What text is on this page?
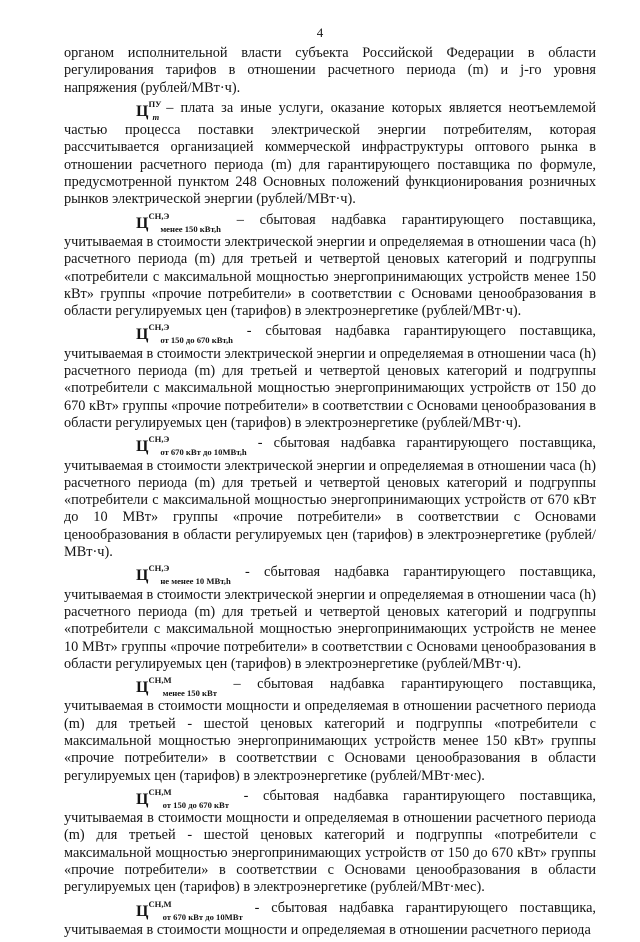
4

органом исполнительной власти субъекта Российской Федерации в области регулирования тарифов в отношении расчетного периода (m) и j-го уровня напряжения (рублей/МВт·ч).

$Ц^{ПУ}_m$ – плата за иные услуги, оказание которых является неотъемлемой частью процесса поставки электрической энергии потребителям, которая рассчитывается организацией коммерческой инфраструктуры оптового рынка в отношении расчетного периода (m) для гарантирующего поставщика по формуле, предусмотренной пунктом 248 Основных положений функционирования розничных рынков электрической энергии (рублей/МВт·ч).

$Ц^{СН,Э}_{менее 150 кВт,h}$ – сбытовая надбавка гарантирующего поставщика, учитываемая в стоимости электрической энергии и определяемая в отношении часа (h) расчетного периода (m) для третьей и четвертой ценовых категорий и подгруппы «потребители с максимальной мощностью энергопринимающих устройств менее 150 кВт» группы «прочие потребители» в соответствии с Основами ценообразования в области регулируемых цен (тарифов) в электроэнергетике (рублей/МВт·ч).

$Ц^{СН,Э}_{от 150 до 670 кВт,h}$ - сбытовая надбавка гарантирующего поставщика, учитываемая в стоимости электрической энергии и определяемая в отношении часа (h) расчетного периода (m) для третьей и четвертой ценовых категорий и подгруппы «потребители с максимальной мощностью энергопринимающих устройств от 150 до 670 кВт» группы «прочие потребители» в соответствии с Основами ценообразования в области регулируемых цен (тарифов) в электроэнергетике (рублей/МВт·ч).

$Ц^{СН,Э}_{от 670 кВт до 10МВт,h}$ - сбытовая надбавка гарантирующего поставщика, учитываемая в стоимости электрической энергии и определяемая в отношении часа (h) расчетного периода (m) для третьей и четвертой ценовых категорий и подгруппы «потребители с максимальной мощностью энергопринимающих устройств от 670 кВт до 10 МВт» группы «прочие потребители» в соответствии с Основами ценообразования в области регулируемых цен (тарифов) в электроэнергетике (рублей/МВт·ч).

$Ц^{СН,Э}_{не менее 10 МВт,h}$ - сбытовая надбавка гарантирующего поставщика, учитываемая в стоимости электрической энергии и определяемая в отношении часа (h) расчетного периода (m) для третьей и четвертой ценовых категорий и подгруппы «потребители с максимальной мощностью энергопринимающих устройств не менее 10 МВт» группы «прочие потребители» в соответствии с Основами ценообразования в области регулируемых цен (тарифов) в электроэнергетике (рублей/МВт·ч).

$Ц^{СН,М}_{менее 150 кВт}$ – сбытовая надбавка гарантирующего поставщика, учитываемая в стоимости мощности и определяемая в отношении расчетного периода (m) для третьей - шестой ценовых категорий и подгруппы «потребители с максимальной мощностью энергопринимающих устройств менее 150 кВт» группы «прочие потребители» в соответствии с Основами ценообразования в области регулируемых цен (тарифов) в электроэнергетике (рублей/МВт·мес).

$Ц^{СН,М}_{от 150 до 670 кВт}$ - сбытовая надбавка гарантирующего поставщика, учитываемая в стоимости мощности и определяемая в отношении расчетного периода (m) для третьей - шестой ценовых категорий и подгруппы «потребители с максимальной мощностью энергопринимающих устройств от 150 до 670 кВт» группы «прочие потребители» в соответствии с Основами ценообразования в области регулируемых цен (тарифов) в электроэнергетике (рублей/МВт·мес).

$Ц^{СН,М}_{от 670 кВт до 10МВт}$ - сбытовая надбавка гарантирующего поставщика, учитываемая в стоимости мощности и определяемая в отношении расчетного периода
